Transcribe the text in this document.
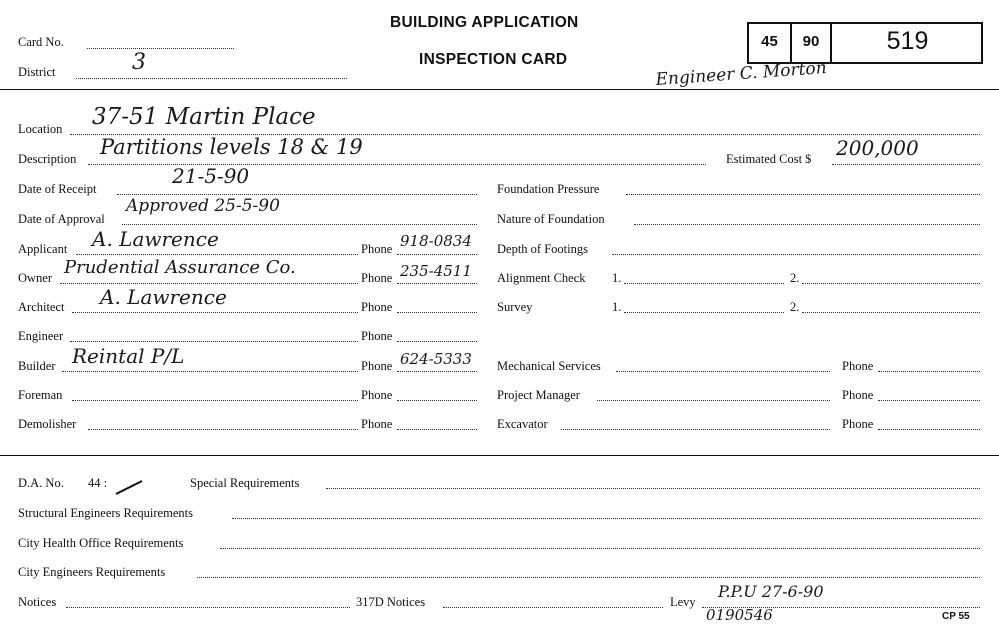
BUILDING APPLICATION
INSPECTION CARD
Card No.
District	3
45	90	519
Engineer C. Morton
Location 37-51 Martin Place
Description Partitions levels 18 & 19	Estimated Cost $ 200,000
Date of Receipt
21-5-90
Date of Approval
Approved 25-5-90
Applicant A. Lawrence	Phone 918-0834
Owner Prudential Assurance Co.	Phone 235-4511
Architect A. Lawrence	Phone
Engineer	Phone
Builder Reintal P/L	Phone 624-5333
Foreman	Phone
Demolisher	Phone
Foundation Pressure
Nature of Foundation
Depth of Footings
Alignment Check 1.	2.
Survey	1.	2.
Mechanical Services	Phone
Project Manager	Phone
Excavator	Phone
D.A. No. 44 :	Special Requirements
Structural Engineers Requirements
City Health Office Requirements
City Engineers Requirements
Notices	317D Notices	Levy
P.P.U 27-6-90
0190546	CP 55
